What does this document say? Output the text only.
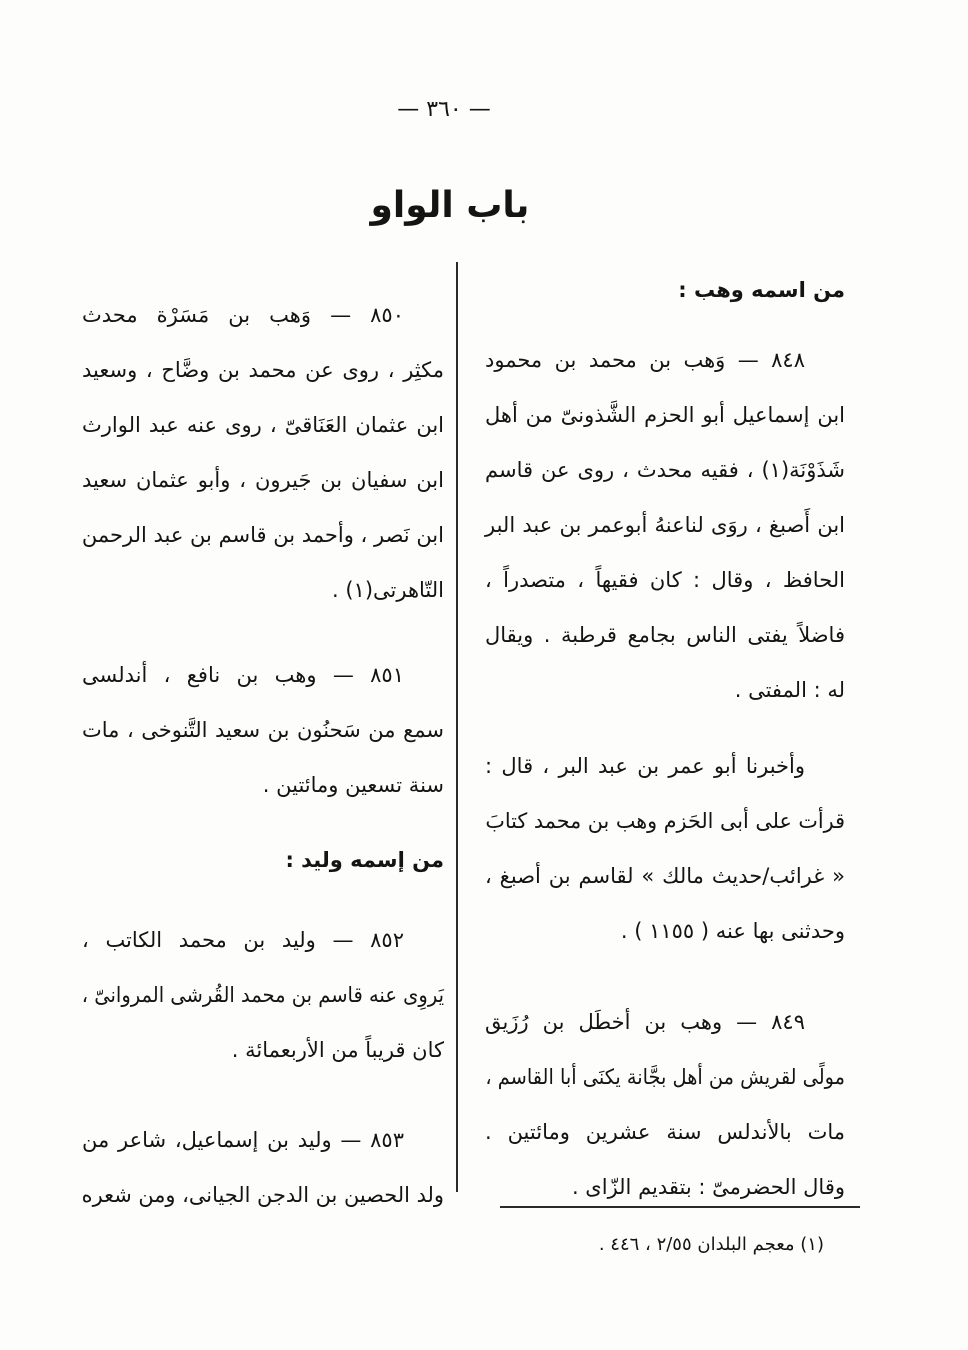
— ٣٦٠ —
باب الواو
من اسمه وهب :
٨٤٨ — وَهب بن محمد بن محمود
ابن إسماعيل أبو الحزم الشَّذونىّ من أهل
شَذَوْنَة(١) ، فقيه محدث ، روى عن قاسم
ابن أَصبغ ، روَى لناعنهُ أبوعمر بن عبد البر
الحافظ ، وقال : كان فقيهاً ، متصدراً ،
فاضلاً يفتى الناس بجامع قرطبة . ويقال
له : المفتى .
وأخبرنا أبو عمر بن عبد البر ، قال :
قرأت على أبى الحَزم وهب بن محمد كتابَ
« غرائب/حديث مالك » لقاسم بن أصبغ ،
وحدثنى بها عنه ( ١١٥٥ ) .
٨٤٩ — وهب بن أخطَل بن رُزَيق
مولًى لقريش من أهل بجَّانة يكنَى أبا القاسم ،
مات بالأندلس سنة عشرين ومائتين .
وقال الحضرمىّ : بتقديم الزّاى .
٨٥٠ — وَهب بن مَسَرْة محدث
مكثِر ، روى عن محمد بن وضَّاح ، وسعيد
ابن عثمان العَنَاقىّ ، روى عنه عبد الوارث
ابن سفيان بن جَيرون ، وأبو عثمان سعيد
ابن نَصر ، وأحمد بن قاسم بن عبد الرحمن
التّاهرتى(١) .
٨٥١ — وهب بن نافع ، أندلسى
سمع من سَحنُون بن سعيد التَّنوخى ، مات
سنة تسعين ومائتين .
من إسمه وليد :
٨٥٢ — وليد بن محمد الكاتب ،
يَروِى عنه قاسم بن محمد القُرشى المروانىّ ،
كان قريباً من الأربعمائة .
٨٥٣ — وليد بن إسماعيل، شاعر من
ولد الحصين بن الدجن الجيانى، ومن شعره
(١) معجم البلدان ٢/٥٥ ، ٤٤٦ .
